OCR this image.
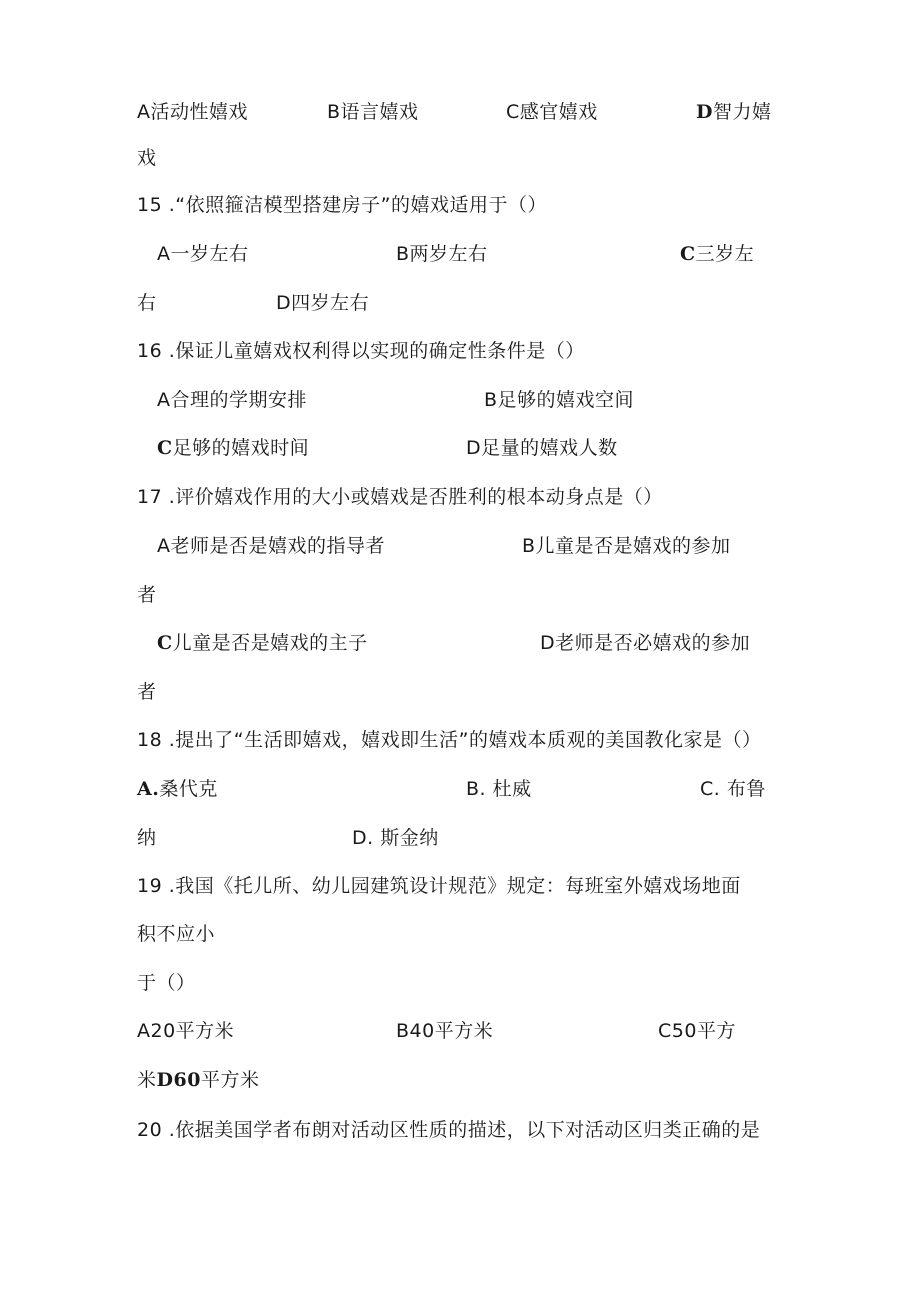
A活动性嬉戏	B语言嬉戏	C感官嬉戏	D智力嬉
戏
15 .“依照箍洁模型搭建房子”的嬉戏适用于（）
A一岁左右	B两岁左右	C三岁左
右	D四岁左右
16 .保证儿童嬉戏权利得以实现的确定性条件是（）
A合理的学期安排	B足够的嬉戏空间
C足够的嬉戏时间	D足量的嬉戏人数
17 .评价嬉戏作用的大小或嬉戏是否胜利的根本动身点是（）
A老师是否是嬉戏的指导者	B儿童是否是嬉戏的参加
者
C儿童是否是嬉戏的主子	D老师是否必嬉戏的参加
者
18 .提出了“生活即嬉戏，嬉戏即生活”的嬉戏本质观的美国教化家是（）
A.桑代克	B. 杜威	C. 布鲁
纳	D. 斯金纳
19 .我国《托儿所、幼儿园建筑设计规范》规定：每班室外嬉戏场地面
积不应小
于（）
A20平方米	B40平方米	C50平方
米D60平方米
20 .依据美国学者布朗对活动区性质的描述，以下对活动区归类正确的是
